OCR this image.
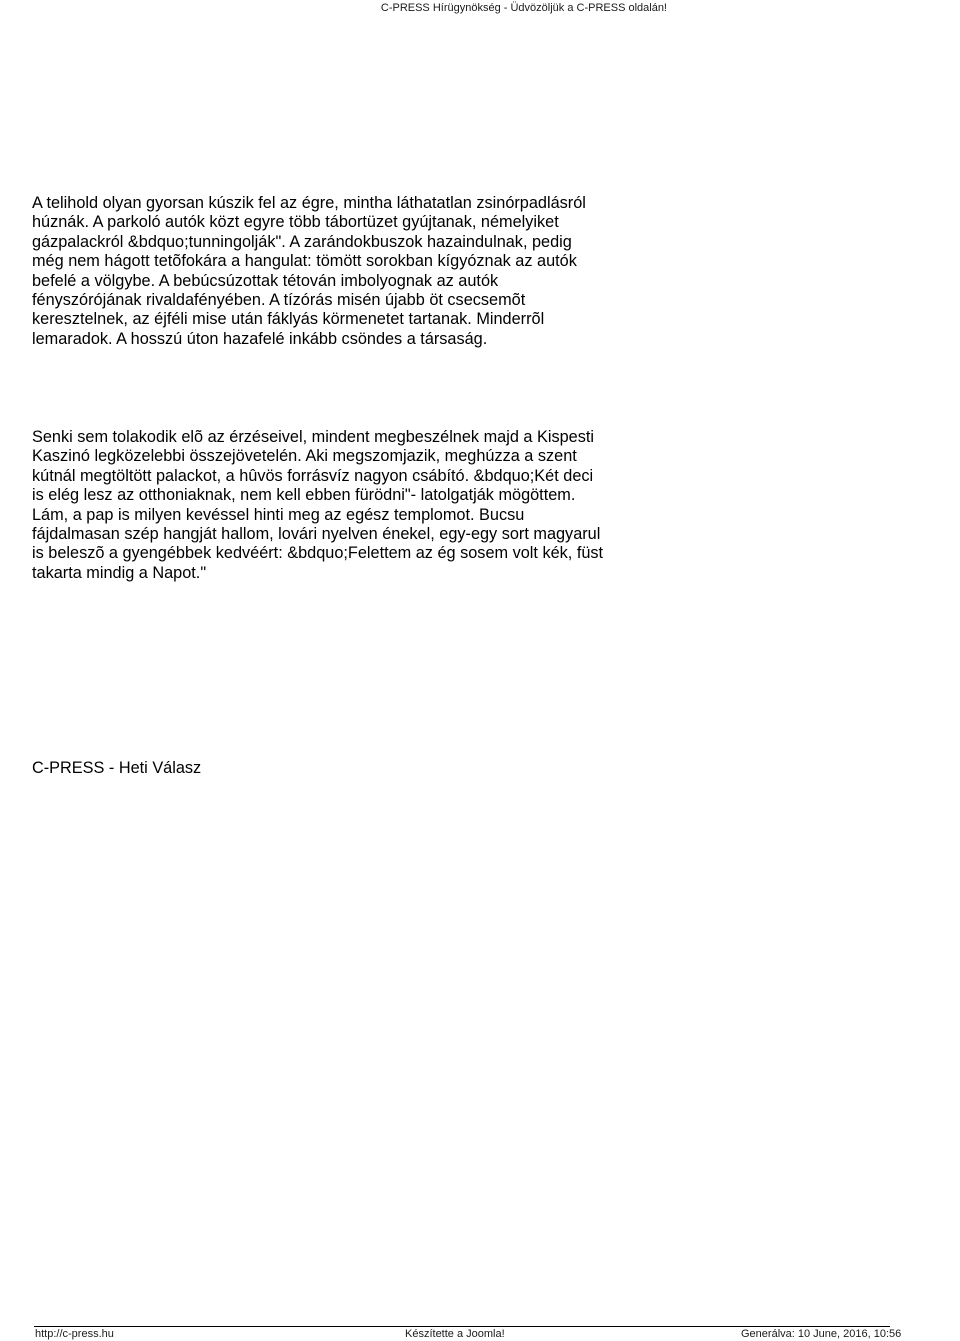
C-PRESS Hírügynökség - Üdvözöljük a C-PRESS oldalán!

A telihold olyan gyorsan kúszik fel az égre, mintha láthatatlan zsinórpadlásról húznák. A parkoló autók közt egyre több tábortüzet gyújtanak, némelyiket gázpalackról &bdquo;tunningolják". A zarándokbuszok hazaindulnak, pedig még nem hágott tetõfokára a hangulat: tömött sorokban kígyóznak az autók befelé a völgybe. A bebúcsúzottak tétován imbolyognak az autók fényszórójának rivaldafényében. A tízórás misén újabb öt csecsemõt keresztelnek, az éjféli mise után fáklyás körmenetet tartanak. Minderrõl lemaradok. A hosszú úton hazafelé inkább csöndes a társaság.

Senki sem tolakodik elõ az érzéseivel, mindent megbeszélnek majd a Kispesti Kaszinó legközelebbi összejövetelén. Aki megszomjazik, meghúzza a szent kútnál megtöltött palackot, a hûvös forrásvíz nagyon csábító. &bdquo;Két deci is elég lesz az otthoniaknak, nem kell ebben fürödni"- latolgatják mögöttem. Lám, a pap is milyen kevéssel hinti meg az egész templomot. Bucsu fájdalmasan szép hangját hallom, lovári nyelven énekel, egy-egy sort magyarul is beleszõ a gyengébbek kedvéért: &bdquo;Felettem az ég sosem volt kék, füst takarta mindig a Napot."

C-PRESS - Heti Válasz
http://c-press.hu	Készítette a Joomla!	Generálva: 10 June, 2016, 10:56
